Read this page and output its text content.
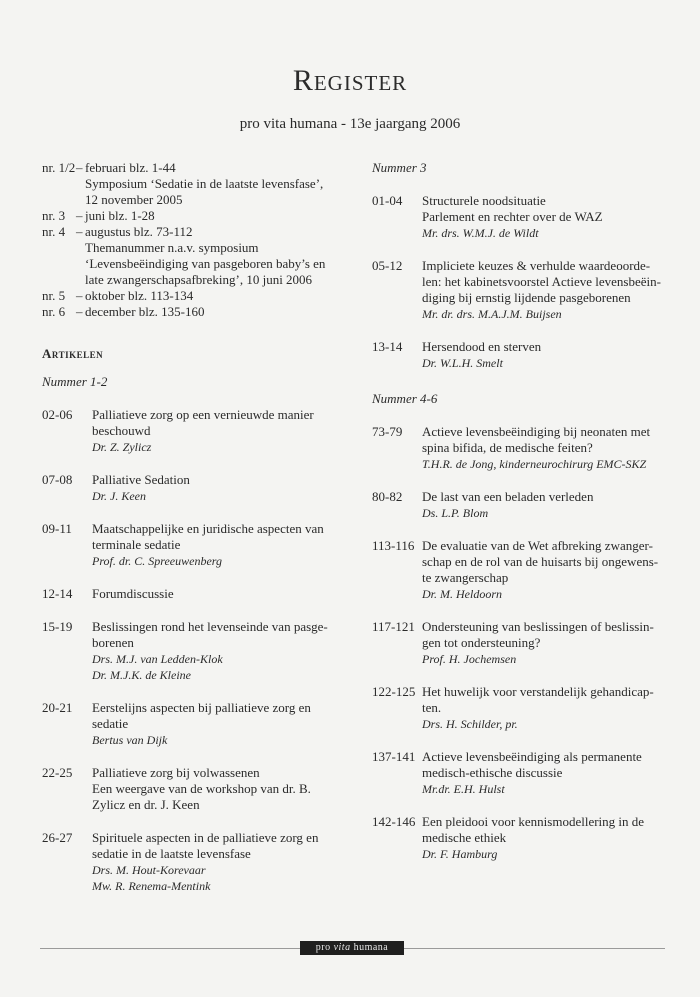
Register
pro vita humana - 13e jaargang 2006
nr. 1/2 – februari blz. 1-44
Symposium ‘Sedatie in de laatste levensfase’,
12 november 2005
nr. 3 – juni blz. 1-28
nr. 4 – augustus blz. 73-112
Themanummer n.a.v. symposium
‘Levensbeëindiging van pasgeboren baby’s en
late zwangerschapsafbreking’, 10 juni 2006
nr. 5 – oktober blz. 113-134
nr. 6 – december blz. 135-160
Artikelen
Nummer 1-2
02-06	Palliatieve zorg op een vernieuwde manier
beschouwd
Dr. Z. Zylicz
07-08	Palliative Sedation
Dr. J. Keen
09-11	Maatschappelijke en juridische aspecten van
terminale sedatie
Prof. dr. C. Spreeuwenberg
12-14	Forumdiscussie
15-19	Beslissingen rond het levenseinde van pasge-
borenen
Drs. M.J. van Ledden-Klok
Dr. M.J.K. de Kleine
20-21	Eerstelijns aspecten bij palliatieve zorg en
sedatie
Bertus van Dijk
22-25	Palliatieve zorg bij volwassenen
Een weergave van de workshop van dr. B.
Zylicz en dr. J. Keen
26-27	Spirituele aspecten in de palliatieve zorg en
sedatie in de laatste levensfase
Drs. M. Hout-Korevaar
Mw. R. Renema-Mentink
Nummer 3
01-04	Structurele noodsituatie
Parlement en rechter over de WAZ
Mr. drs. W.M.J. de Wildt
05-12	Impliciete keuzes & verhulde waardeoorde-
len: het kabinetsvoorstel Actieve levensbeëin-
diging bij ernstig lijdende pasgeborenen
Mr. dr. drs. M.A.J.M. Buijsen
13-14	Hersendood en sterven
Dr. W.L.H. Smelt
Nummer 4-6
73-79	Actieve levensbeëindiging bij neonaten met
spina bifida, de medische feiten?
T.H.R. de Jong, kinderneurochirurg EMC-SKZ
80-82	De last van een beladen verleden
Ds. L.P. Blom
113-116 De evaluatie van de Wet afbreking zwanger-
schap en de rol van de huisarts bij ongewens-
te zwangerschap
Dr. M. Heldoorn
117-121 Ondersteuning van beslissingen of beslissin-
gen tot ondersteuning?
Prof. H. Jochemsen
122-125 Het huwelijk voor verstandelijk gehandicap-
ten.
Drs. H. Schilder, pr.
137-141 Actieve levensbeëindiging als permanente
medisch-ethische discussie
Mr.dr. E.H. Hulst
142-146 Een pleidooi voor kennismodellering in de
medische ethiek
Dr. F. Hamburg
pro vita humana
